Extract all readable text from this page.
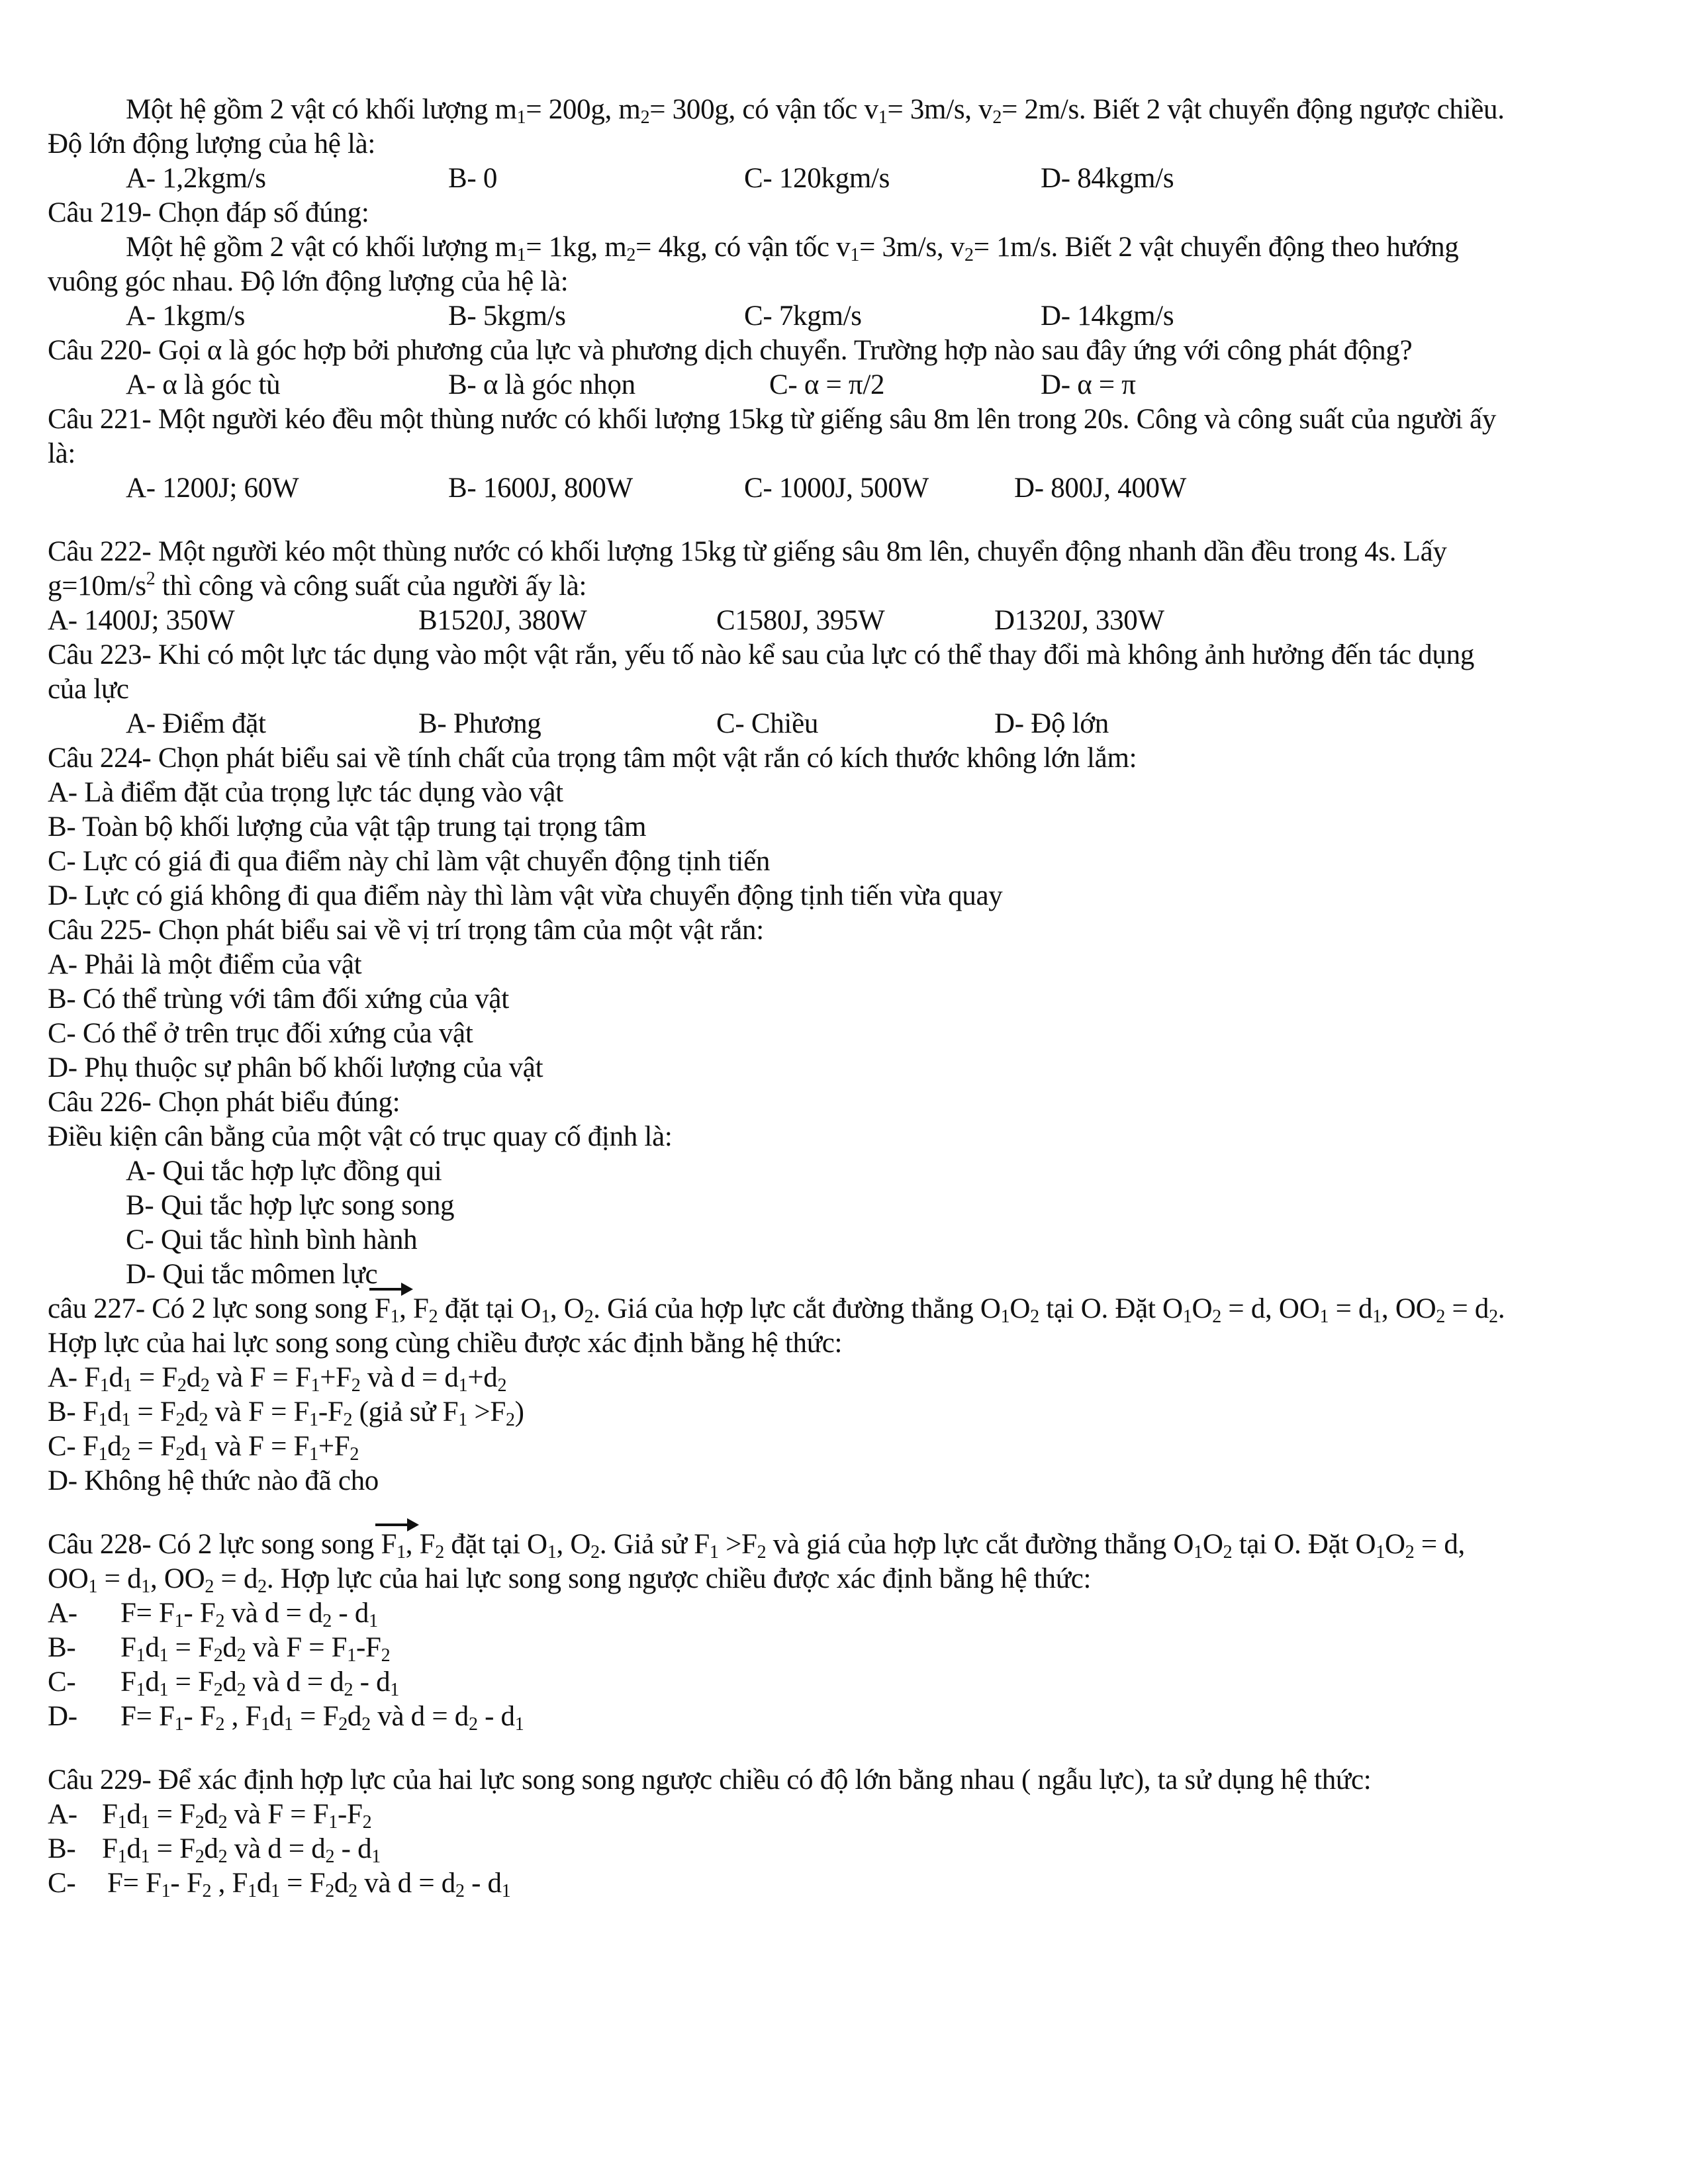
Một hệ gồm 2 vật có khối lượng $m_1= 200g$, $m_2= 300g$, có vận tốc $v_1= 3m/s$, $v_2= 2m/s$. Biết 2 vật chuyển động ngược chiều.
Độ lớn động lượng của hệ là:
A- 1,2kgm/s	B- 0	C- 120kgm/s	D- 84kgm/s
Câu 219- Chọn đáp số đúng:
Một hệ gồm 2 vật có khối lượng $m_1= 1kg$, $m_2= 4kg$, có vận tốc $v_1= 3m/s$, $v_2= 1m/s$. Biết 2 vật chuyển động theo hướng
vuông góc nhau. Độ lớn động lượng của hệ là:
A- 1kgm/s	B- 5kgm/s	C- 7kgm/s	D- 14kgm/s
Câu 220- Gọi α là góc hợp bởi phương của lực và phương dịch chuyển. Trường hợp nào sau đây ứng với công phát động?
A- α là góc tù	B- α là góc nhọn	C- α = π/2	D- α = π
Câu 221- Một người kéo đều một thùng nước có khối lượng 15kg từ giếng sâu 8m lên trong 20s. Công và công suất của người ấy
là:
A- 1200J; 60W	B- 1600J, 800W	C- 1000J, 500W	D- 800J, 400W
Câu 222- Một người kéo một thùng nước có khối lượng 15kg từ giếng sâu 8m lên, chuyển động nhanh dần đều trong 4s. Lấy
$g=10m/s^2$ thì công và công suất của người ấy là:
A- 1400J; 350W	B1520J, 380W	C1580J, 395W	D1320J, 330W
Câu 223- Khi có một lực tác dụng vào một vật rắn, yếu tố nào kể sau của lực có thể thay đổi mà không ảnh hưởng đến tác dụng
của lực
A- Điểm đặt	B- Phương	C- Chiều	D- Độ lớn
Câu 224- Chọn phát biểu sai về tính chất của trọng tâm một vật rắn có kích thước không lớn lắm:
A- Là điểm đặt của trọng lực tác dụng vào vật
B- Toàn bộ khối lượng của vật tập trung tại trọng tâm
C- Lực có giá đi qua điểm này chỉ làm vật chuyển động tịnh tiến
D- Lực có giá không đi qua điểm này thì làm vật vừa chuyển động tịnh tiến vừa quay
Câu 225- Chọn phát biểu sai về vị trí trọng tâm của một vật rắn:
A- Phải là một điểm của vật
B- Có thể trùng với tâm đối xứng của vật
C- Có thể ở trên trục đối xứng của vật
D- Phụ thuộc sự phân bố khối lượng của vật
Câu 226- Chọn phát biểu đúng:
Điều kiện cân bằng của một vật có trục quay cố định là:
A- Qui tắc hợp lực đồng qui
B- Qui tắc hợp lực song song
C- Qui tắc hình bình hành
D- Qui tắc mômen lực
câu 227- Có 2 lực song song $F_1$, $F_2$ đặt tại $O_1$, $O_2$. Giá của hợp lực cắt đường thẳng $O_1O_2$ tại O. Đặt $O_1O_2 = d$, $OO_1 = d_1$, $OO_2 = d_2$.
Hợp lực của hai lực song song cùng chiều được xác định bằng hệ thức:
A- $F_1d_1 = F_2d_2$ và $F = F_1+F_2$ và $d = d_1+d_2$
B- $F_1d_1 = F_2d_2$ và $F = F_1-F_2$ (giả sử $F_1 >F_2$)
C- $F_1d_2 = F_2d_1$ và $F = F_1+F_2$
D- Không hệ thức nào đã cho
Câu 228- Có 2 lực song song $F_1$, $F_2$ đặt tại $O_1$, $O_2$. Giả sử $F_1 >F_2$ và giá của hợp lực cắt đường thẳng $O_1O_2$ tại O. Đặt $O_1O_2 = d$,
$OO_1 = d_1$, $OO_2 = d_2$. Hợp lực của hai lực song song ngược chiều được xác định bằng hệ thức:
A- $F= F_1-$ $F_2$ và $d = d_2 - d_1$
B- $F_1d_1 = F_2d_2$ và $F = F_1-F_2$
C- $F_1d_1 = F_2d_2$ và $d = d_2 - d_1$
D- $F= F_1-$ $F_2$ , $F_1d_1 = F_2d_2$ và $d = d_2 - d_1$
Câu 229- Để xác định hợp lực của hai lực song song ngược chiều có độ lớn bằng nhau ( ngẫu lực), ta sử dụng hệ thức:
A- $F_1d_1 = F_2d_2$ và $F = F_1-F_2$
B- $F_1d_1 = F_2d_2$ và $d = d_2 - d_1$
C- $F= F_1-$ $F_2$ , $F_1d_1 = F_2d_2$ và $d = d_2 - d_1$
